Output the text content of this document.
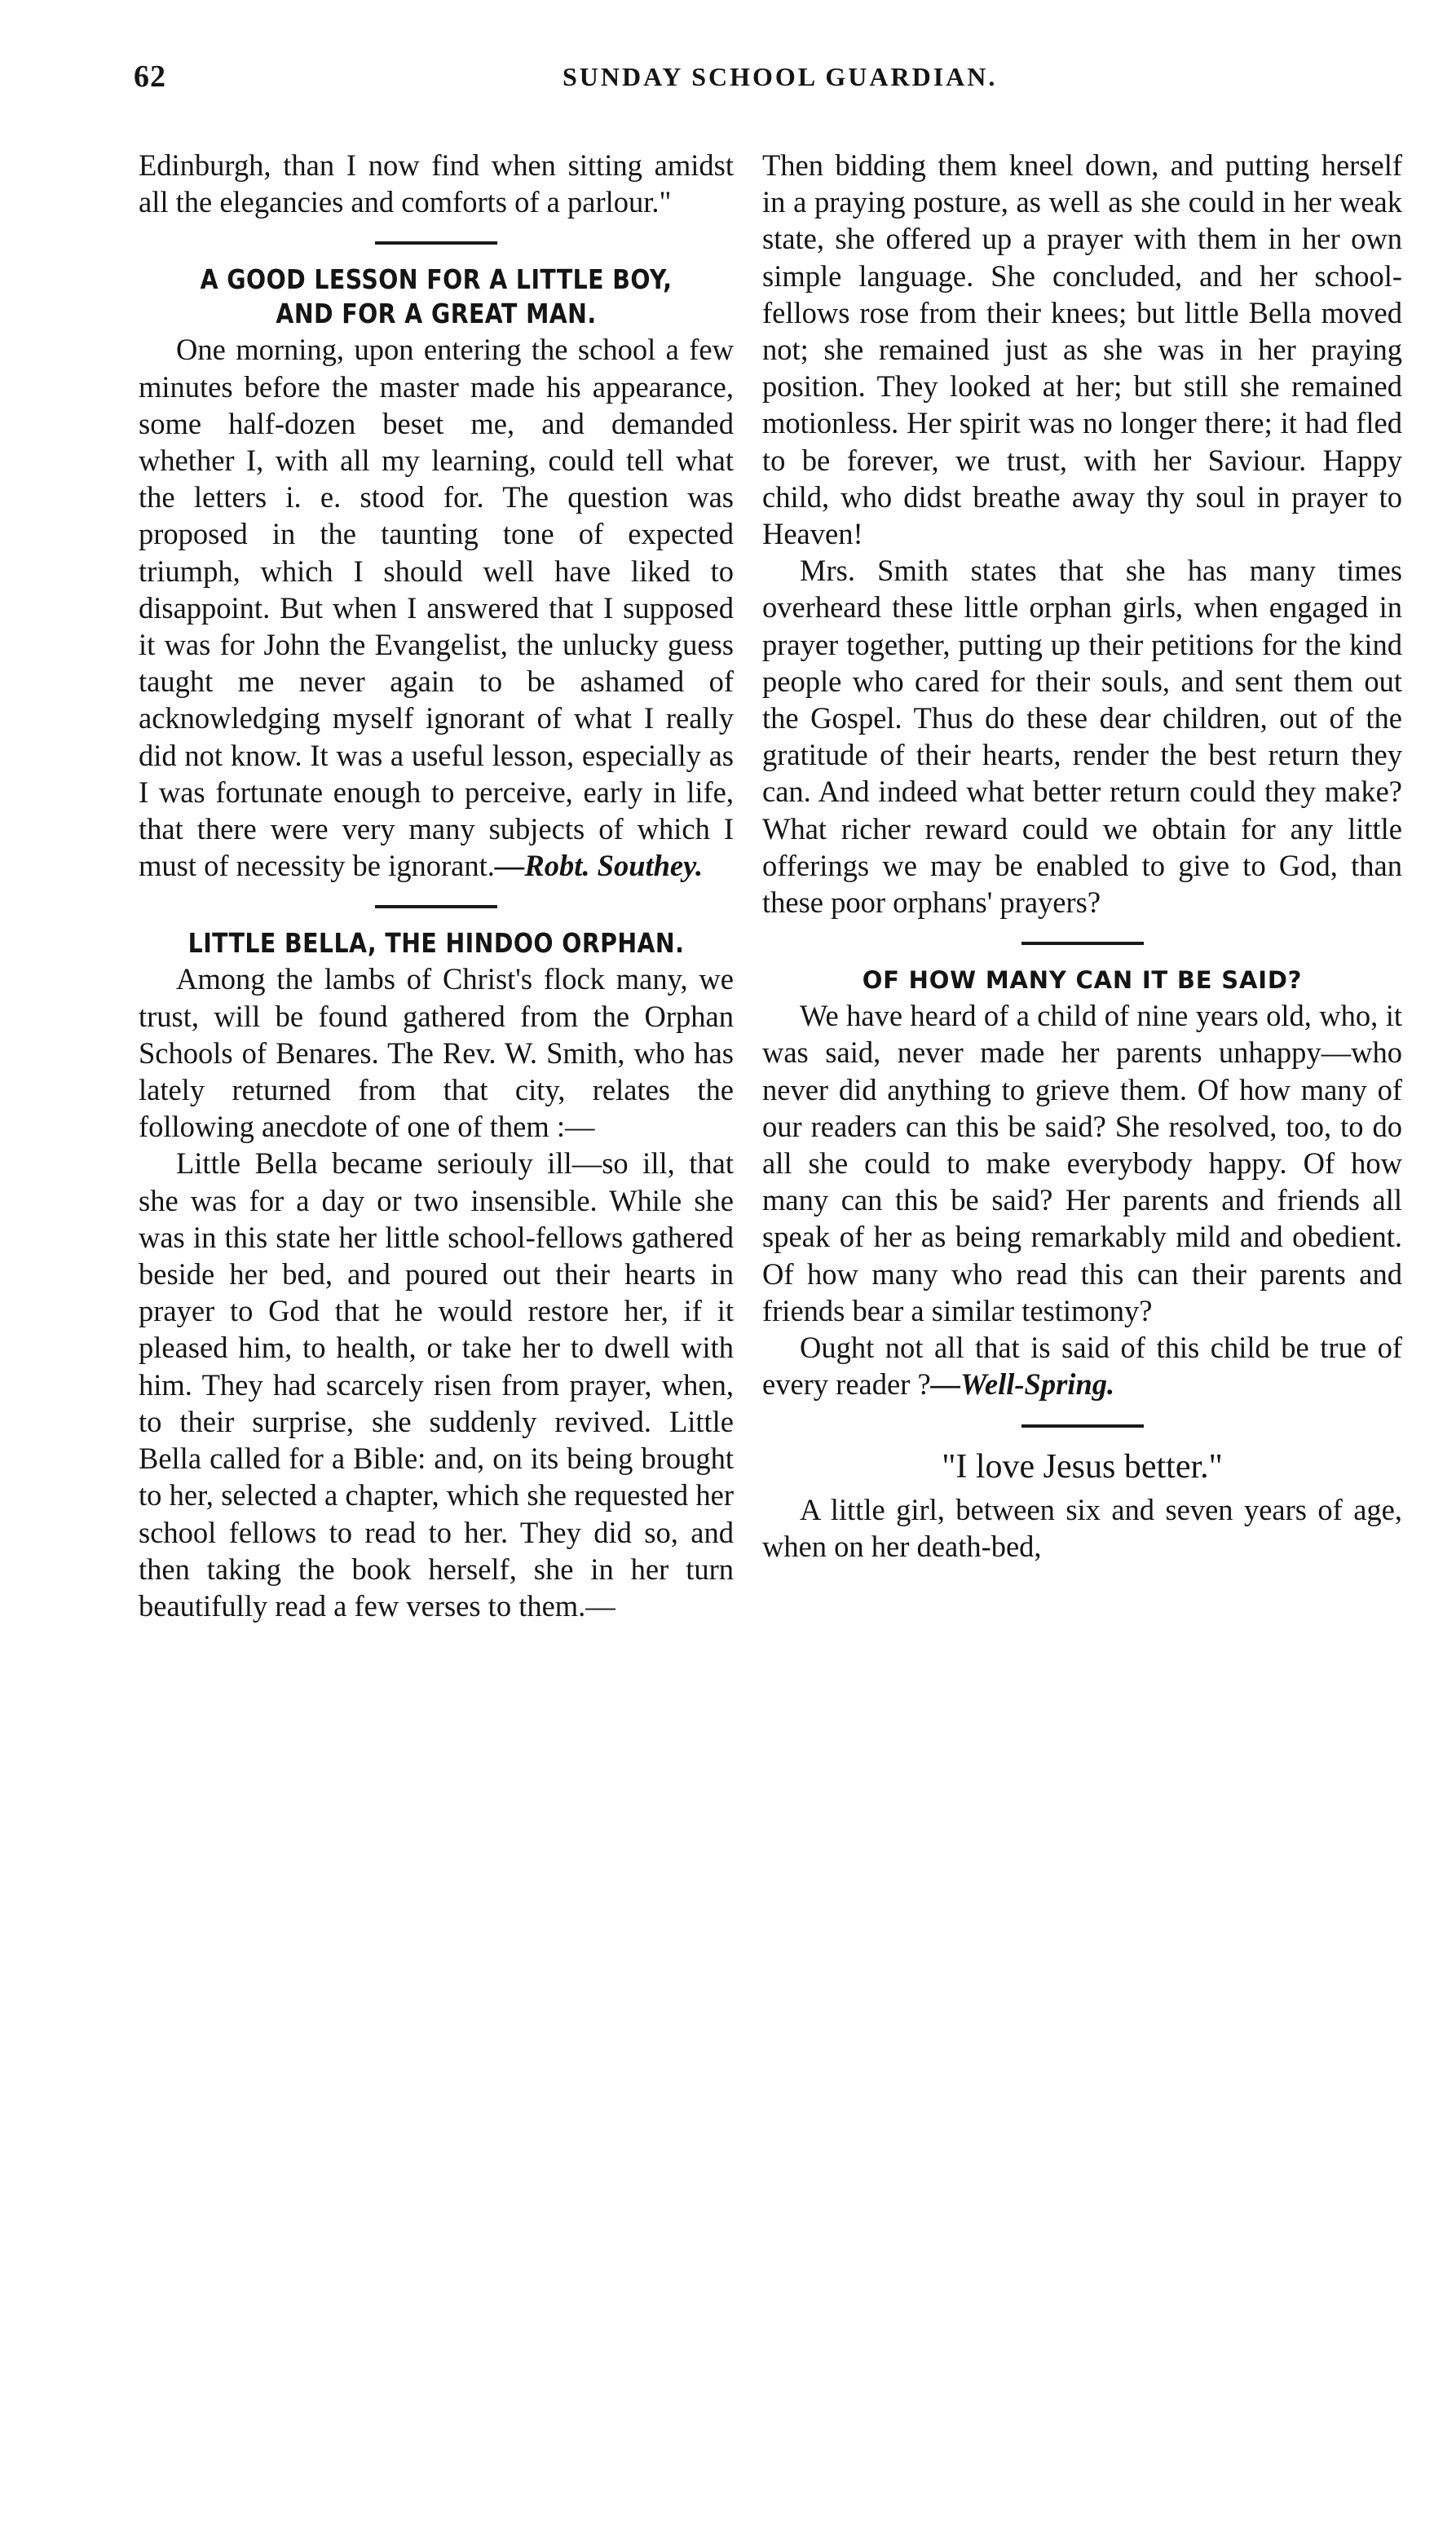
62	SUNDAY SCHOOL GUARDIAN.

Edinburgh, than I now find when sitting amidst all the elegancies and comforts of a parlour."

A GOOD LESSON FOR A LITTLE BOY, AND FOR A GREAT MAN.

One morning, upon entering the school a few minutes before the master made his appearance, some half-dozen beset me, and demanded whether I, with all my learning, could tell what the letters i. e. stood for. The question was proposed in the taunting tone of expected triumph, which I should well have liked to disappoint. But when I answered that I supposed it was for John the Evangelist, the unlucky guess taught me never again to be ashamed of acknowledging myself ignorant of what I really did not know. It was a useful lesson, especially as I was fortunate enough to perceive, early in life, that there were very many subjects of which I must of necessity be ignorant.—Robt. Southey.

LITTLE BELLA, THE HINDOO ORPHAN.

Among the lambs of Christ's flock many, we trust, will be found gathered from the Orphan Schools of Benares. The Rev. W. Smith, who has lately returned from that city, relates the following anecdote of one of them :—

Little Bella became seriouly ill—so ill, that she was for a day or two insensible. While she was in this state her little school-fellows gathered beside her bed, and poured out their hearts in prayer to God that he would restore her, if it pleased him, to health, or take her to dwell with him. They had scarcely risen from prayer, when, to their surprise, she suddenly revived. Little Bella called for a Bible: and, on its being brought to her, selected a chapter, which she requested her school fellows to read to her. They did so, and then taking the book herself, she in her turn beautifully read a few verses to them.—

Then bidding them kneel down, and putting herself in a praying posture, as well as she could in her weak state, she offered up a prayer with them in her own simple language. She concluded, and her school-fellows rose from their knees; but little Bella moved not; she remained just as she was in her praying position. They looked at her; but still she remained motionless. Her spirit was no longer there; it had fled to be forever, we trust, with her Saviour. Happy child, who didst breathe away thy soul in prayer to Heaven!

Mrs. Smith states that she has many times overheard these little orphan girls, when engaged in prayer together, putting up their petitions for the kind people who cared for their souls, and sent them out the Gospel. Thus do these dear children, out of the gratitude of their hearts, render the best return they can. And indeed what better return could they make? What richer reward could we obtain for any little offerings we may be enabled to give to God, than these poor orphans' prayers?

OF HOW MANY CAN IT BE SAID?

We have heard of a child of nine years old, who, it was said, never made her parents unhappy—who never did anything to grieve them. Of how many of our readers can this be said? She resolved, too, to do all she could to make everybody happy. Of how many can this be said? Her parents and friends all speak of her as being remarkably mild and obedient. Of how many who read this can their parents and friends bear a similar testimony?

Ought not all that is said of this child be true of every reader ?—Well-Spring.

"I love Jesus better."

A little girl, between six and seven years of age, when on her death-bed,
